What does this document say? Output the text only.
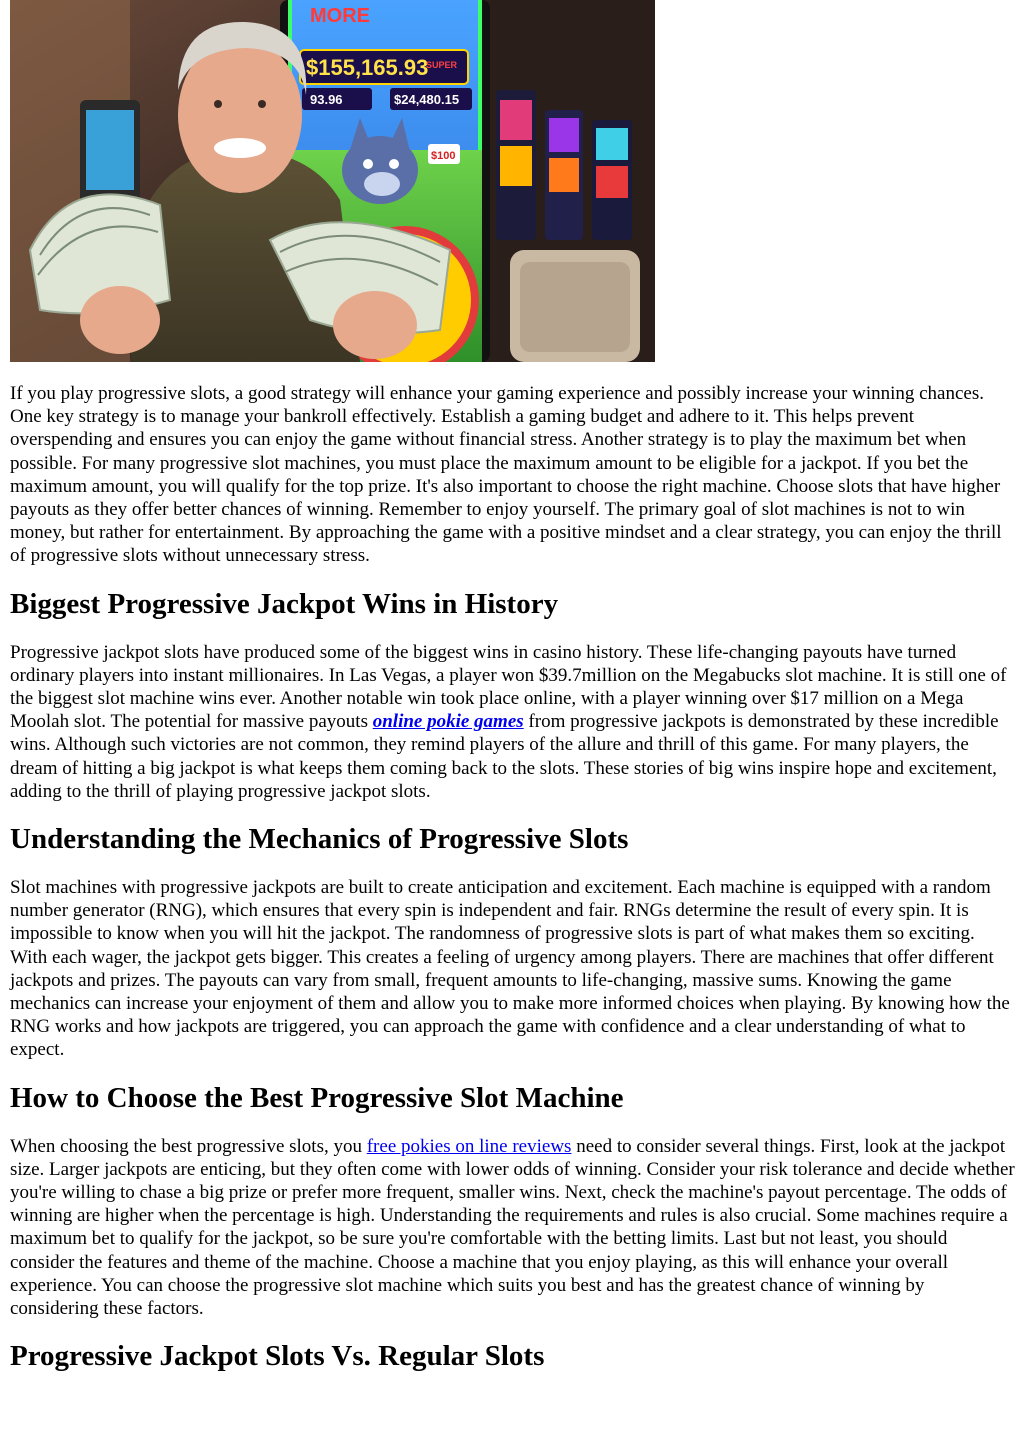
MORE
$155,165.93
SUPER
93.96	$24,480.15
$100

If you play progressive slots, a good strategy will enhance your gaming experience and possibly increase your winning chances. One key strategy is to manage your bankroll effectively. Establish a gaming budget and adhere to it. This helps prevent overspending and ensures you can enjoy the game without financial stress. Another strategy is to play the maximum bet when possible. For many progressive slot machines, you must place the maximum amount to be eligible for a jackpot. If you bet the maximum amount, you will qualify for the top prize. It's also important to choose the right machine. Choose slots that have higher payouts as they offer better chances of winning. Remember to enjoy yourself. The primary goal of slot machines is not to win money, but rather for entertainment. By approaching the game with a positive mindset and a clear strategy, you can enjoy the thrill of progressive slots without unnecessary stress.

Biggest Progressive Jackpot Wins in History

Progressive jackpot slots have produced some of the biggest wins in casino history. These life-changing payouts have turned ordinary players into instant millionaires. In Las Vegas, a player won $39.7million on the Megabucks slot machine. It is still one of the biggest slot machine wins ever. Another notable win took place online, with a player winning over $17 million on a Mega Moolah slot. The potential for massive payouts online pokie games from progressive jackpots is demonstrated by these incredible wins. Although such victories are not common, they remind players of the allure and thrill of this game. For many players, the dream of hitting a big jackpot is what keeps them coming back to the slots. These stories of big wins inspire hope and excitement, adding to the thrill of playing progressive jackpot slots.

Understanding the Mechanics of Progressive Slots

Slot machines with progressive jackpots are built to create anticipation and excitement. Each machine is equipped with a random number generator (RNG), which ensures that every spin is independent and fair. RNGs determine the result of every spin. It is impossible to know when you will hit the jackpot. The randomness of progressive slots is part of what makes them so exciting. With each wager, the jackpot gets bigger. This creates a feeling of urgency among players. There are machines that offer different jackpots and prizes. The payouts can vary from small, frequent amounts to life-changing, massive sums. Knowing the game mechanics can increase your enjoyment of them and allow you to make more informed choices when playing. By knowing how the RNG works and how jackpots are triggered, you can approach the game with confidence and a clear understanding of what to expect.

How to Choose the Best Progressive Slot Machine

When choosing the best progressive slots, you free pokies on line reviews need to consider several things. First, look at the jackpot size. Larger jackpots are enticing, but they often come with lower odds of winning. Consider your risk tolerance and decide whether you're willing to chase a big prize or prefer more frequent, smaller wins. Next, check the machine's payout percentage. The odds of winning are higher when the percentage is high. Understanding the requirements and rules is also crucial. Some machines require a maximum bet to qualify for the jackpot, so be sure you're comfortable with the betting limits. Last but not least, you should consider the features and theme of the machine. Choose a machine that you enjoy playing, as this will enhance your overall experience. You can choose the progressive slot machine which suits you best and has the greatest chance of winning by considering these factors.

Progressive Jackpot Slots Vs. Regular Slots
